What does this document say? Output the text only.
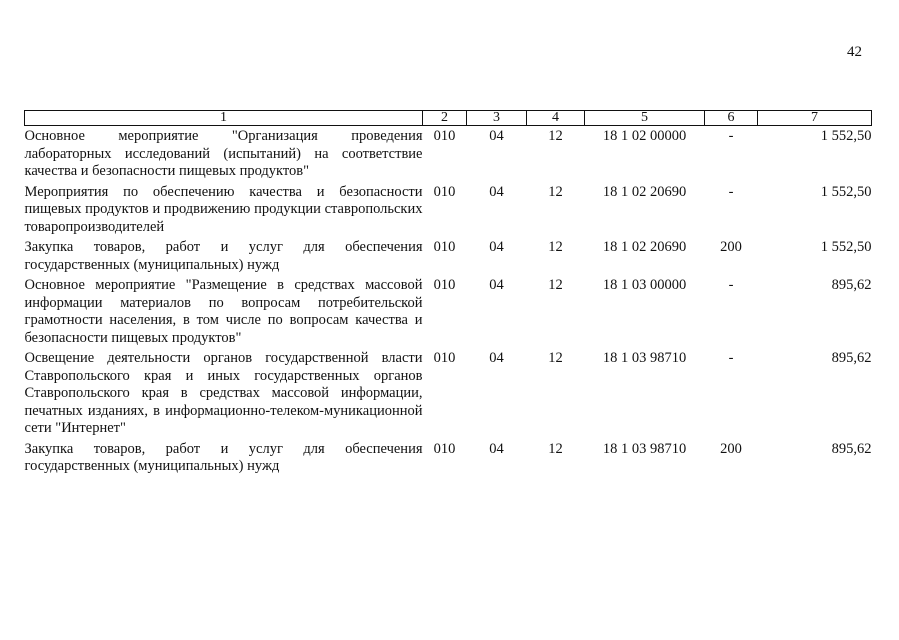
42
1	2	3	4	5	6	7
Основное мероприятие "Организация проведения лабораторных исследований (испытаний) на соответствие качества и безопасности пищевых продуктов"	010	04	12	18 1 02 00000	-	1 552,50
Мероприятия по обеспечению качества и безопасности пищевых продуктов и продвижению продукции ставропольских товаропроизводителей	010	04	12	18 1 02 20690	-	1 552,50
Закупка товаров, работ и услуг для обеспечения государственных (муниципальных) нужд	010	04	12	18 1 02 20690	200	1 552,50
Основное мероприятие "Размещение в средствах массовой информации материалов по вопросам потребительской грамотности населения, в том числе по вопросам качества и безопасности пищевых продуктов"	010	04	12	18 1 03 00000	-	895,62
Освещение деятельности органов государственной власти Ставропольского края и иных государственных органов Ставропольского края в средствах массовой информации, печатных изданиях, в информационно-телеком-муникационной сети "Интернет"	010	04	12	18 1 03 98710	-	895,62
Закупка товаров, работ и услуг для обеспечения государственных (муниципальных) нужд	010	04	12	18 1 03 98710	200	895,62
